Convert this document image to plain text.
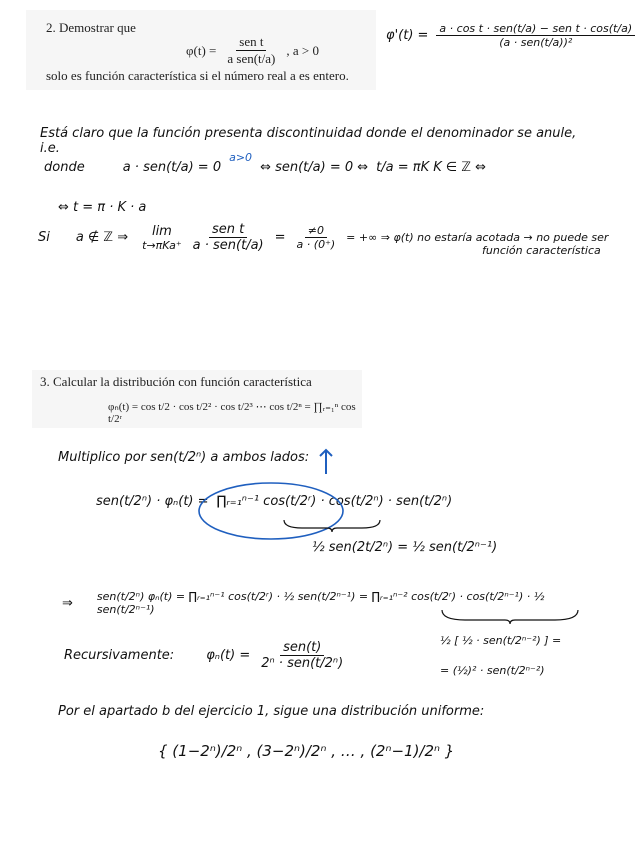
2. Demostrar que
$\varphi(t) = \frac{\text{sen t}}{\text{a sen(t/a)}}$ , a > 0
solo es función característica si el número real a es entero.
$\varphi'(t) = \frac{\text{a · cos t · sen(t/a) − sen t · cos(t/a)}}{\text{(a · sen(t/a))²}}$
Está claro que la función presenta discontinuidad donde el denominador se anule, i.e.
donde	a · sen(t/a) = 0
a>0
⇔ sen(t/a) = 0 ⇔ t/a = πK K ∈ ℤ ⇔
⇔ t = π · K · a
Si a ∉ ℤ ⇒ lim
$t\to\pi Ka^+ \frac{\text{sen t}}{\text{a · sen(t/a)}} = \frac{\ne 0}{a \cdot (0^+)}$ = +∞ ⇒ φ(t) no estaría acotada → no puede ser
función característica
3. Calcular la distribución con función característica
φₙ(t) = cos t/2 · cos t/2² · cos t/2³ ⋯ cos t/2ⁿ = ∏ᵣ₌₁ⁿ cos t/2ʳ
Multiplico por sen(t/2ⁿ) a ambos lados:
sen(t/2ⁿ) · φₙ(t) = ∏ᵣ₌₁ⁿ⁻¹ cos(t/2ʳ) · cos(t/2ⁿ) · sen(t/2ⁿ)
½ sen(2t/2ⁿ) = ½ sen(t/2ⁿ⁻¹)
⇒ sen(t/2ⁿ) φₙ(t) = ∏ᵣ₌₁ⁿ⁻¹ cos(t/2ʳ) · ½ sen(t/2ⁿ⁻¹) = ∏ᵣ₌₁ⁿ⁻² cos(t/2ʳ) · cos(t/2ⁿ⁻¹) · ½ sen(t/2ⁿ⁻¹)
½ [ ½ · sen(t/2ⁿ⁻²) ] =
= (½)² · sen(t/2ⁿ⁻²)
Recursivamente: $\varphi_n(t) = \frac{\text{sen(t)}}{\text{2ⁿ · sen(t/2ⁿ)}}$
Por el apartado b del ejercicio 1, sigue una distribución uniforme:
{ (1−2ⁿ)/2ⁿ , (3−2ⁿ)/2ⁿ , … , (2ⁿ−1)/2ⁿ }
